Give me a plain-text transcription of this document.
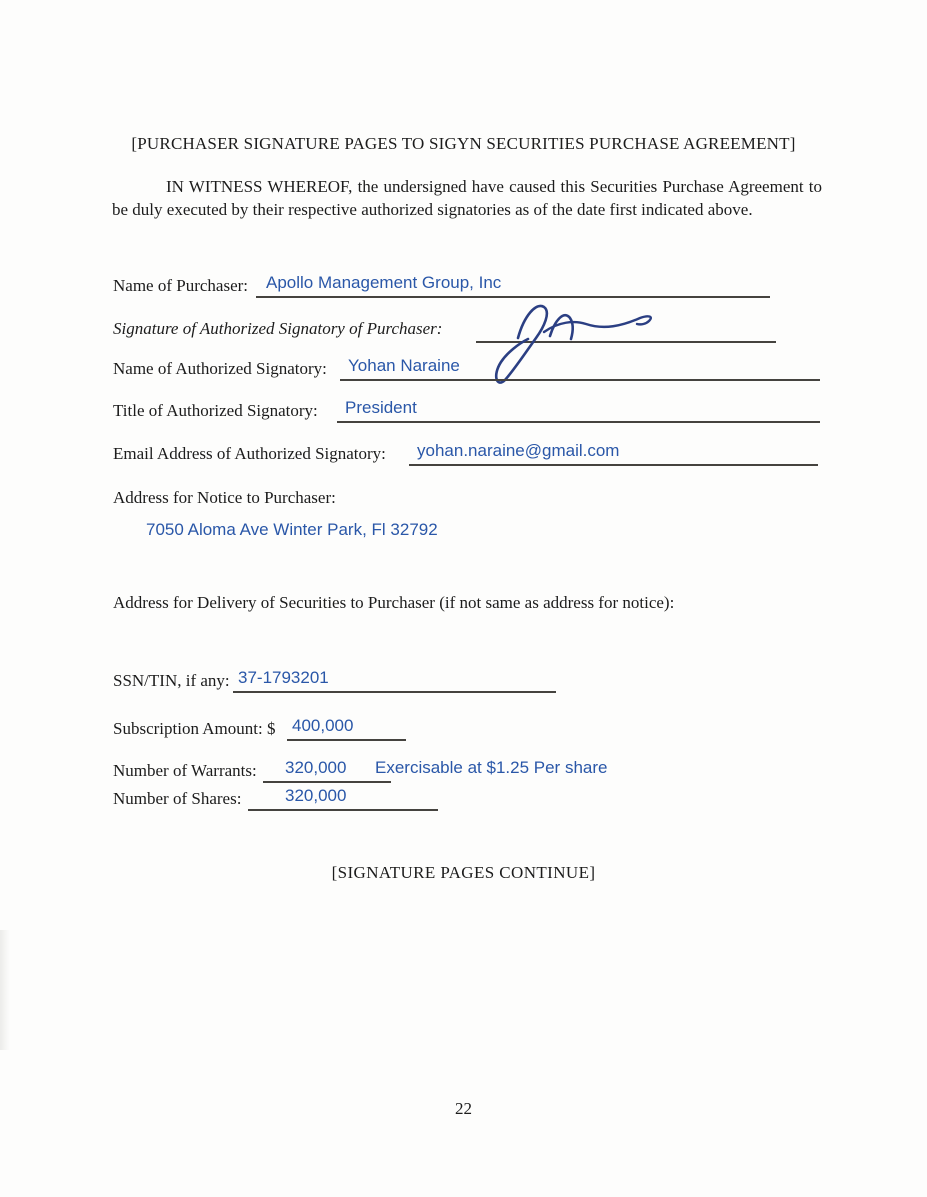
[PURCHASER SIGNATURE PAGES TO SIGYN SECURITIES PURCHASE AGREEMENT]
IN WITNESS WHEREOF, the undersigned have caused this Securities Purchase Agreement to be duly executed by their respective authorized signatories as of the date first indicated above.
Name of Purchaser: Apollo Management Group, Inc
Signature of Authorized Signatory of Purchaser:
Name of Authorized Signatory: Yohan Naraine
Title of Authorized Signatory: President
Email Address of Authorized Signatory: yohan.naraine@gmail.com
Address for Notice to Purchaser:
7050 Aloma Ave Winter Park, Fl 32792
Address for Delivery of Securities to Purchaser (if not same as address for notice):
SSN/TIN, if any: 37-1793201
Subscription Amount: $ 400,000
Number of Warrants: 320,000 Exercisable at $1.25 Per share
Number of Shares:	320,000
[SIGNATURE PAGES CONTINUE]
22
